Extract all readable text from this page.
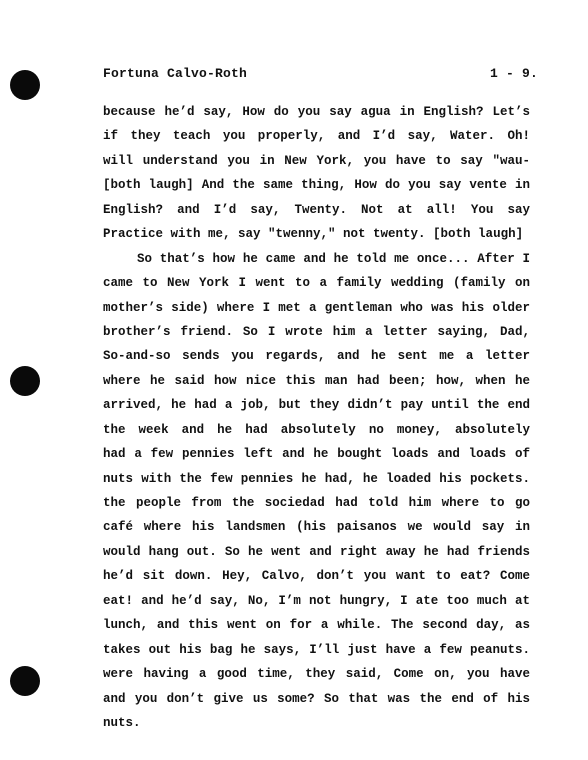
Fortuna Calvo-Roth	1 - 9.
because he’d say, How do you say agua in English? Let’s
if they teach you properly, and I’d say, Water. Oh!
will understand you in New York, you have to say "wau-
[both laugh] And the same thing, How do you say vente in
English? and I’d say, Twenty. Not at all! You say
Practice with me, say "twenny," not twenty. [both laugh]
So that’s how he came and he told me once... After I
came to New York I went to a family wedding (family on
mother’s side) where I met a gentleman who was his older
brother’s friend. So I wrote him a letter saying, Dad,
So-and-so sends you regards, and he sent me a letter
where he said how nice this man had been; how, when he
arrived, he had a job, but they didn’t pay until the end
the week and he had absolutely no money, absolutely
had a few pennies left and he bought loads and loads of
nuts with the few pennies he had, he loaded his pockets.
the people from the sociedad had told him where to go
café where his landsmen (his paisanos we would say in
would hang out. So he went and right away he had friends
he’d sit down. Hey, Calvo, don’t you want to eat? Come
eat! and he’d say, No, I’m not hungry, I ate too much at
lunch, and this went on for a while. The second day, as
takes out his bag he says, I’ll just have a few peanuts.
were having a good time, they said, Come on, you have
and you don’t give us some? So that was the end of his
nuts.
